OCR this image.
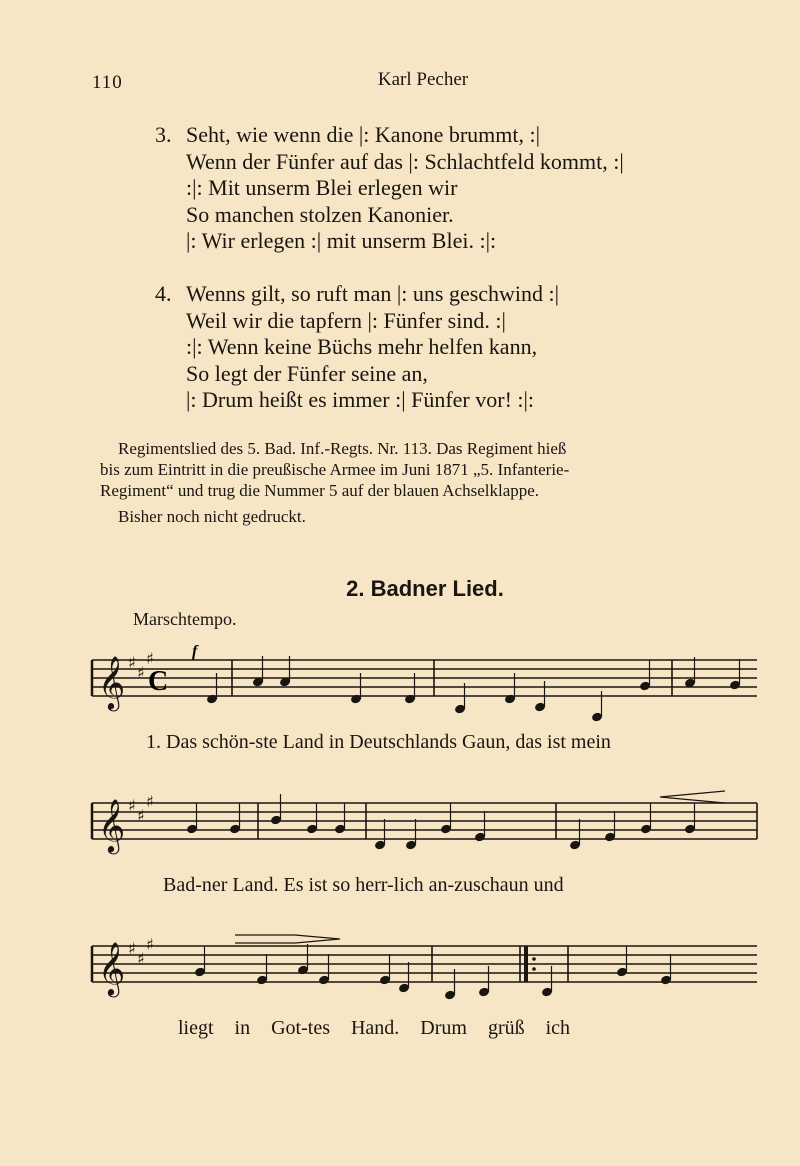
110	Karl Pecher
3. Seht, wie wenn die |: Kanone brummt, :|
Wenn der Fünfer auf das |: Schlachtfeld kommt, :|
:|: Mit unserm Blei erlegen wir
So manchen stolzen Kanonier.
|: Wir erlegen :| mit unserm Blei. :|:
4. Wenns gilt, so ruft man |: uns geschwind :|
Weil wir die tapfern |: Fünfer sind. :|
:|: Wenn keine Büchs mehr helfen kann,
So legt der Fünfer seine an,
|: Drum heißt es immer :| Fünfer vor! :|:
Regimentslied des 5. Bad. Inf.-Regts. Nr. 113. Das Regiment hieß
bis zum Eintritt in die preußische Armee im Juni 1871 „5. Infanterie-
Regiment“ und trug die Nummer 5 auf der blauen Achselklappe.
Bisher noch nicht gedruckt.
2. Badner Lied.
Marschtempo.
𝄞 ♯
♯
♯
𝄞 ♯
♯
♯
𝄞 ♯
♯
♯
f
C
1. Das schön-ste Land in Deutschlands Gaun, das ist mein
Bad-ner Land. Es ist so herr-lich an-zuschaun und
liegt in Got-tes Hand. Drum grüß ich
